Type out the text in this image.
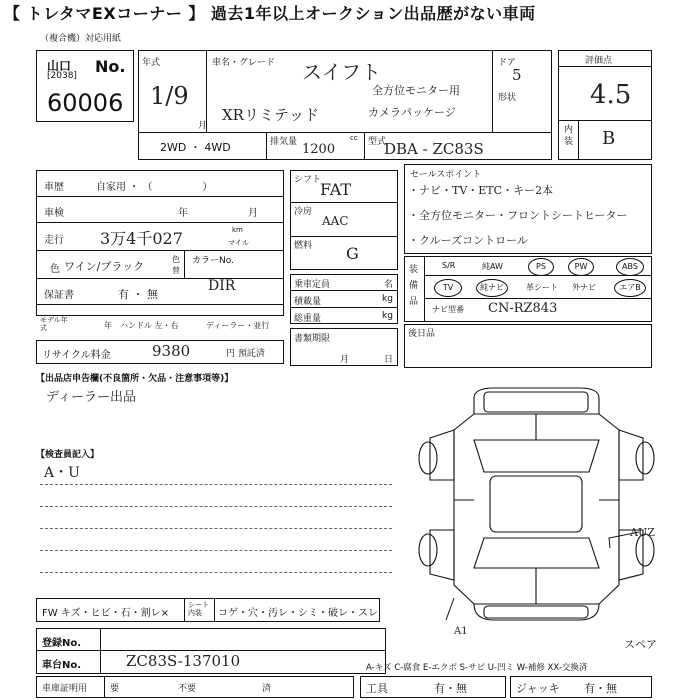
【 トレタマEXコーナー 】 過去1年以上オークション出品歴がない車両
（複合機）対応用紙
山口
[2038] No.
60006
年式
1/9
月
車名・グレード スイフト
全方位モニター用
XRリミテッド	カメラパッケージ
ドア
5
形状
2WD ・ 4WD	排気量	cc
1200	型式
DBA - ZC83S
評価点
4.5
内装 B
車歴	自家用 ・ （　　　　　）
車検	年	月
走行 3万4千027	km
マイル
色 ワイン/ブラック
色替
カラーNo.
DIR
保証書	有 ・ 無
モデル年式	年 ハンドル 左・右	ディーラー・並行
リサイクル料金	9380	円 預託済
シフト
FAT
冷房
AAC
燃料 G
乗車定員	名
積載量	kg
総重量	kg
書類期限
月	日
セールスポイント
・ナビ・TV・ETC・キー2本
・全方位モニター・フロントシートヒーター
・クルーズコントロール
装備品
S/R	純AW	PS	PW	ABS
TV	純ナビ	革シート 外ナビ	エアB
ナビ型番 CN-RZ843
後日品
【出品店申告欄(不良箇所・欠品・注意事項等)】
ディーラー出品
【検査員記入】
A・U
AUZ
A1
スペア
FW キズ・ヒビ・石・割レ×
シート内装	コゲ・穴・汚レ・シミ・破レ・スレ
登録No.
車台No.	ZC83S-137010	A-キズ C-腐食 E-エクボ S-サビ U-凹ミ W-補修 XX-交換済
車庫証明用	要	不要	済	工具	有・無	ジャッキ 有・無
